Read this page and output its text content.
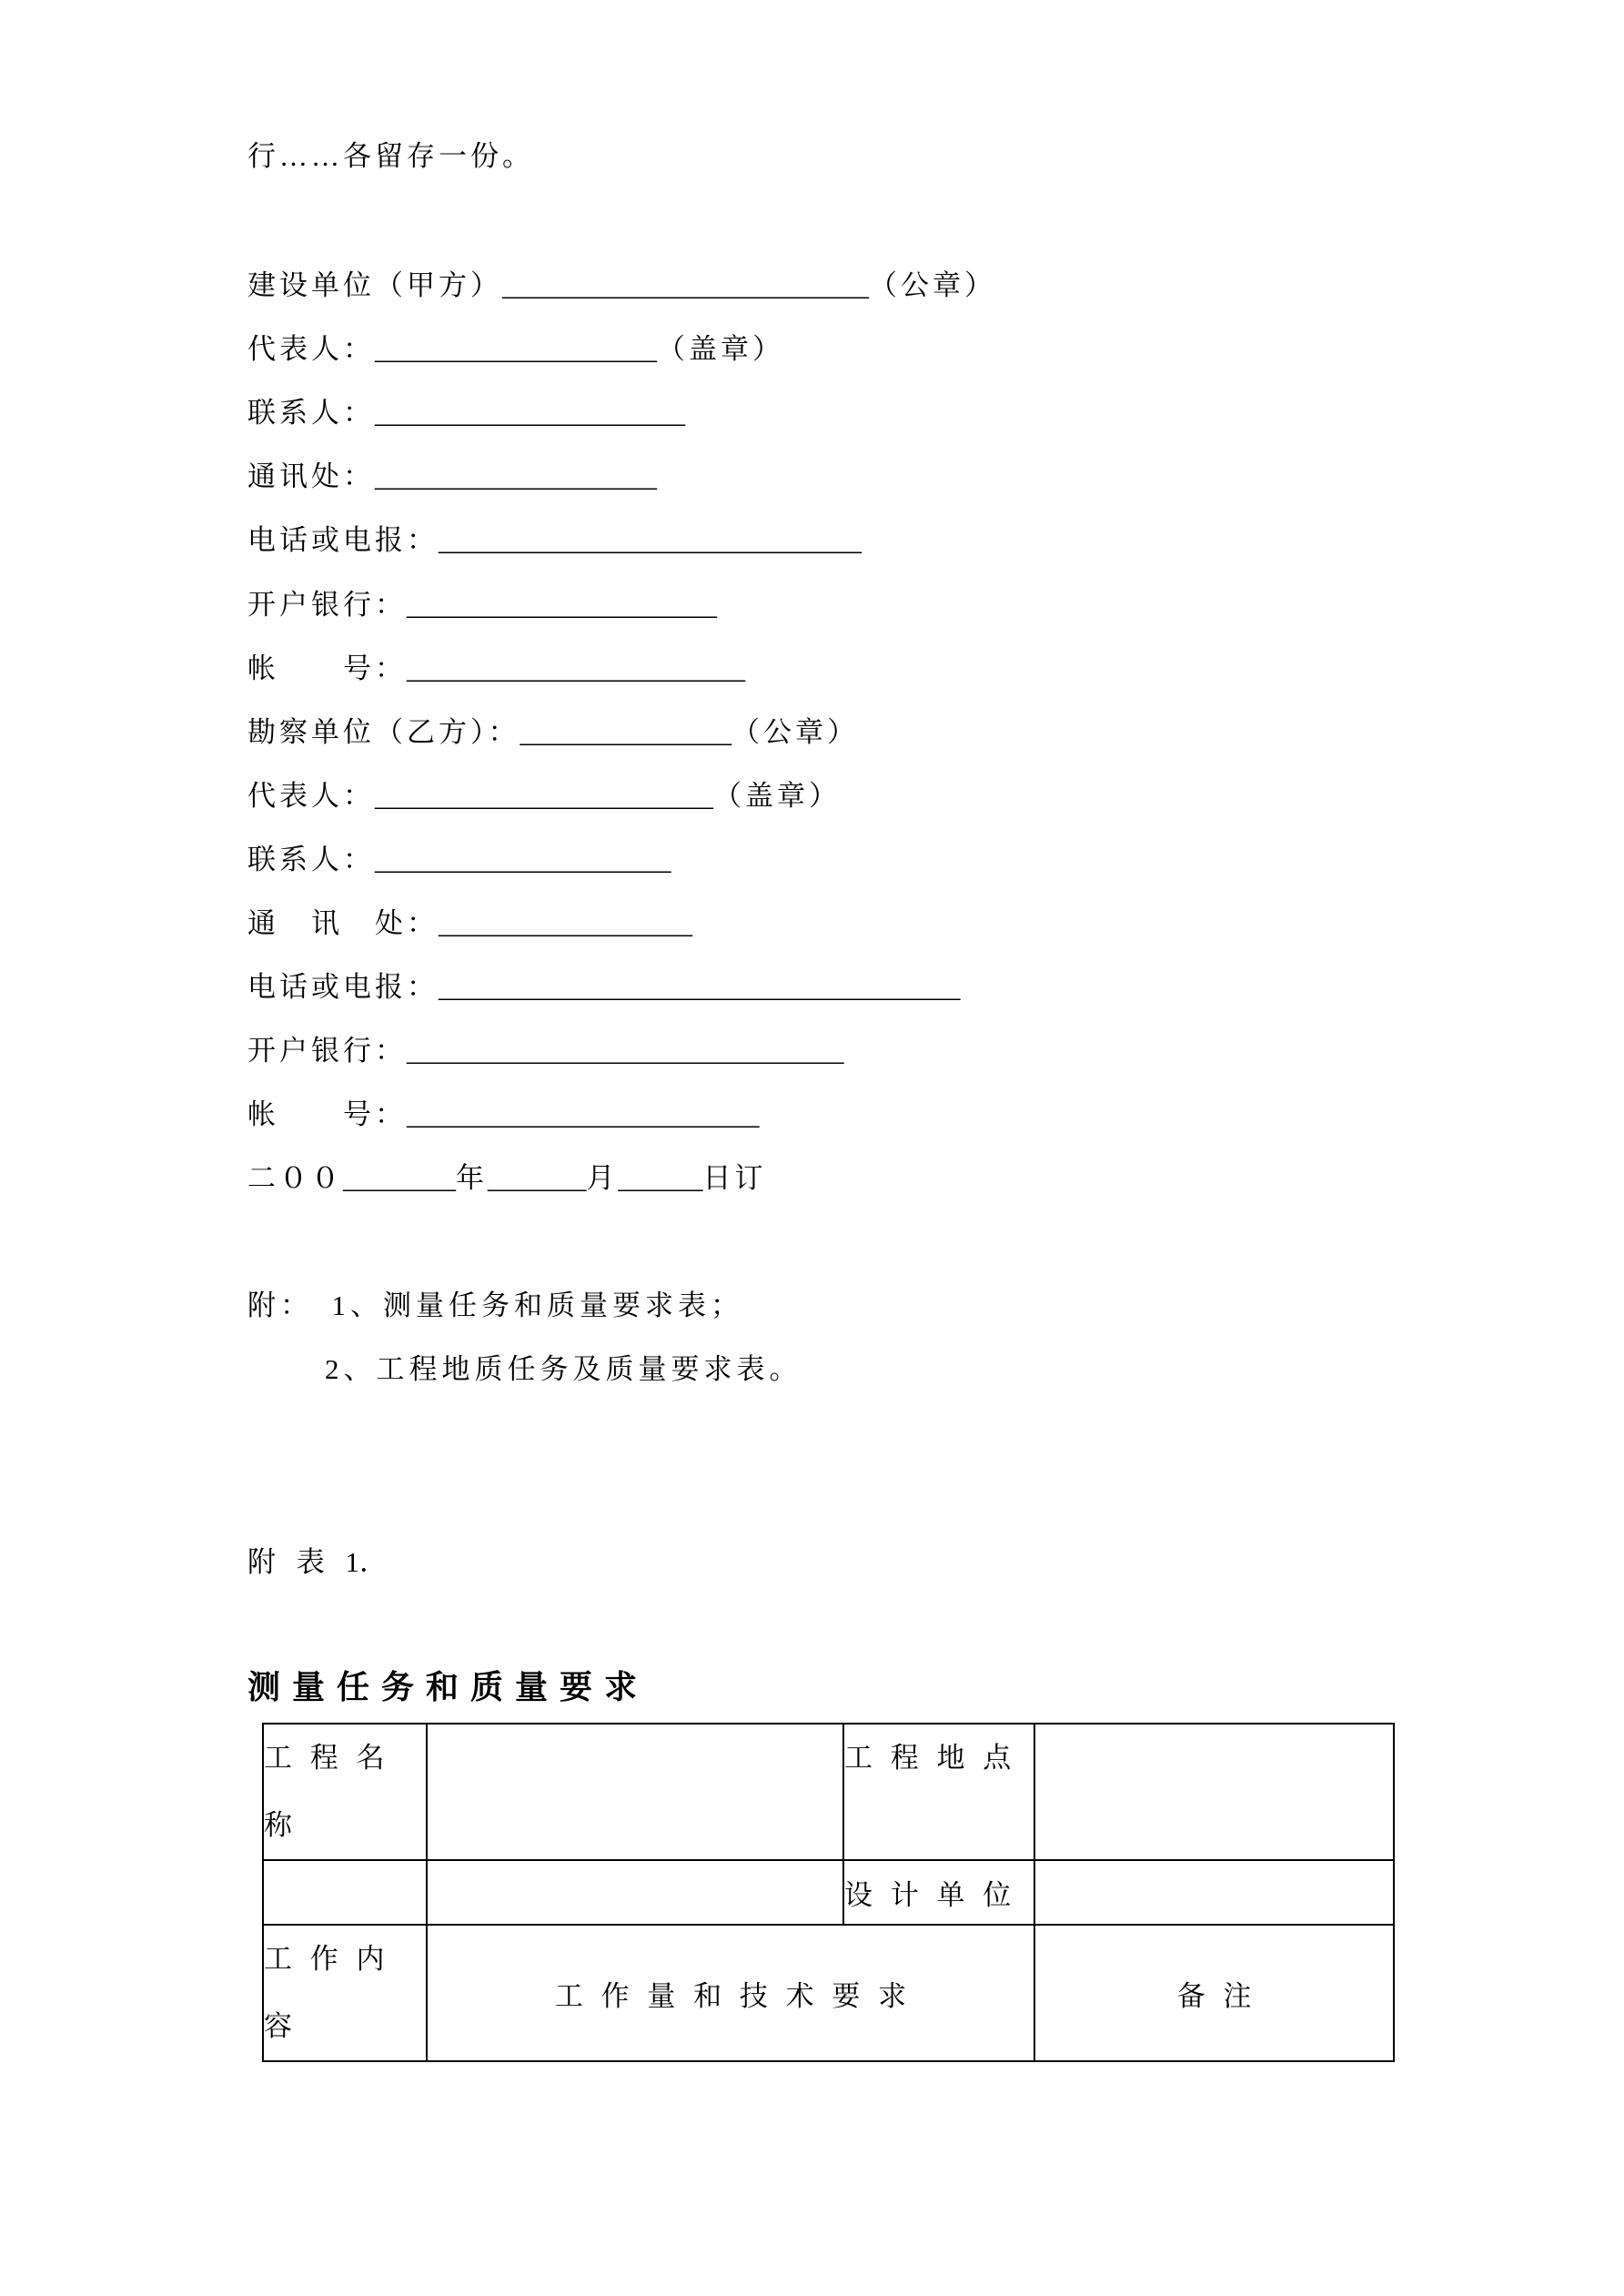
行……各留存一份。
建设单位（甲方）__________________________（公章）
代表人：____________________（盖章）
联系人：______________________
通讯处：____________________
电话或电报：______________________________
开户银行：______________________
帐　　号：________________________
勘察单位（乙方）：_______________（公章）
代表人：________________________（盖章）
联系人：_____________________
通　讯　处：__________________
电话或电报：_____________________________________
开户银行：_______________________________
帐　　号：_________________________
二００________年_______月______日订
附：　1、测量任务和质量要求表；
2、工程地质任务及质量要求表。
附 表 1．
测 量 任 务 和 质 量 要 求
工 程 名 称		工 程 地 点	
		设 计 单 位	
工 作 内 容	工 作 量 和 技 术 要 求		备 注
